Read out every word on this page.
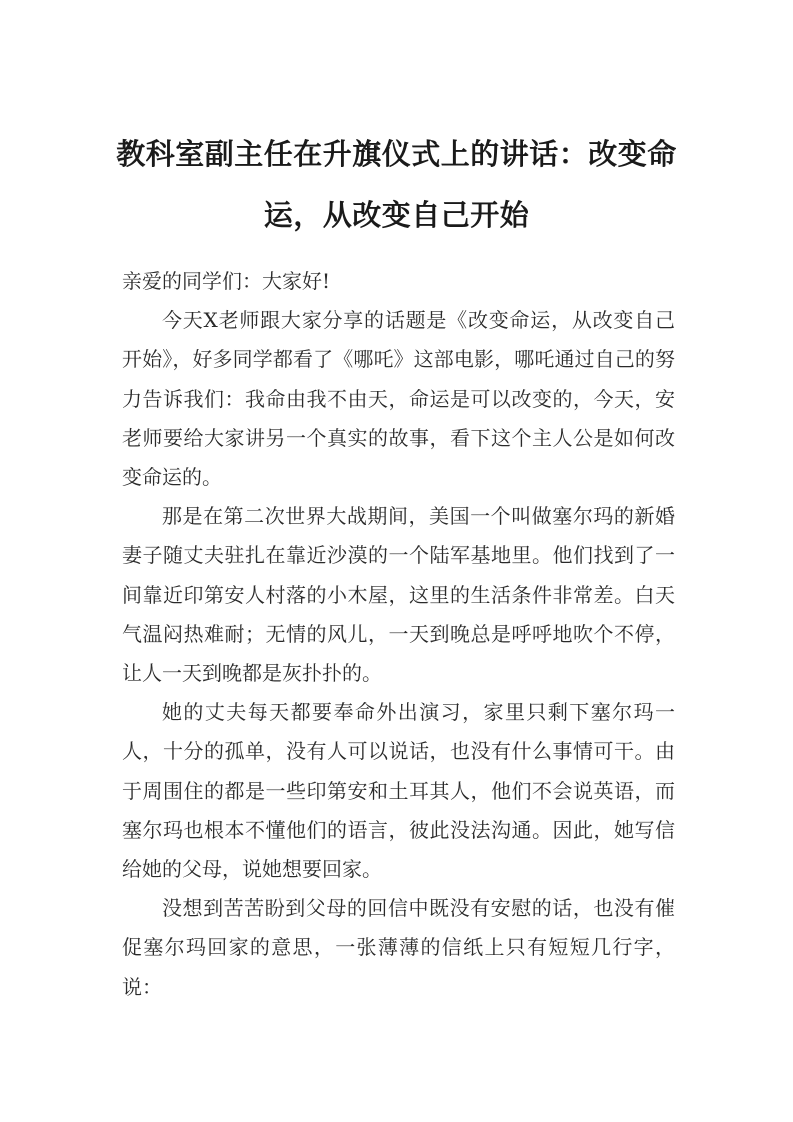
教科室副主任在升旗仪式上的讲话：改变命运，从改变自己开始

亲爱的同学们：大家好!

今天X老师跟大家分享的话题是《改变命运，从改变自己开始》，好多同学都看了《哪吒》这部电影，哪吒通过自己的努力告诉我们：我命由我不由天，命运是可以改变的，今天，安老师要给大家讲另一个真实的故事，看下这个主人公是如何改变命运的。

那是在第二次世界大战期间，美国一个叫做塞尔玛的新婚妻子随丈夫驻扎在靠近沙漠的一个陆军基地里。他们找到了一间靠近印第安人村落的小木屋，这里的生活条件非常差。白天气温闷热难耐；无情的风儿，一天到晚总是呼呼地吹个不停，让人一天到晚都是灰扑扑的。

她的丈夫每天都要奉命外出演习，家里只剩下塞尔玛一人，十分的孤单，没有人可以说话，也没有什么事情可干。由于周围住的都是一些印第安和土耳其人，他们不会说英语，而塞尔玛也根本不懂他们的语言，彼此没法沟通。因此，她写信给她的父母，说她想要回家。

没想到苦苦盼到父母的回信中既没有安慰的话，也没有催促塞尔玛回家的意思，一张薄薄的信纸上只有短短几行字，说：
